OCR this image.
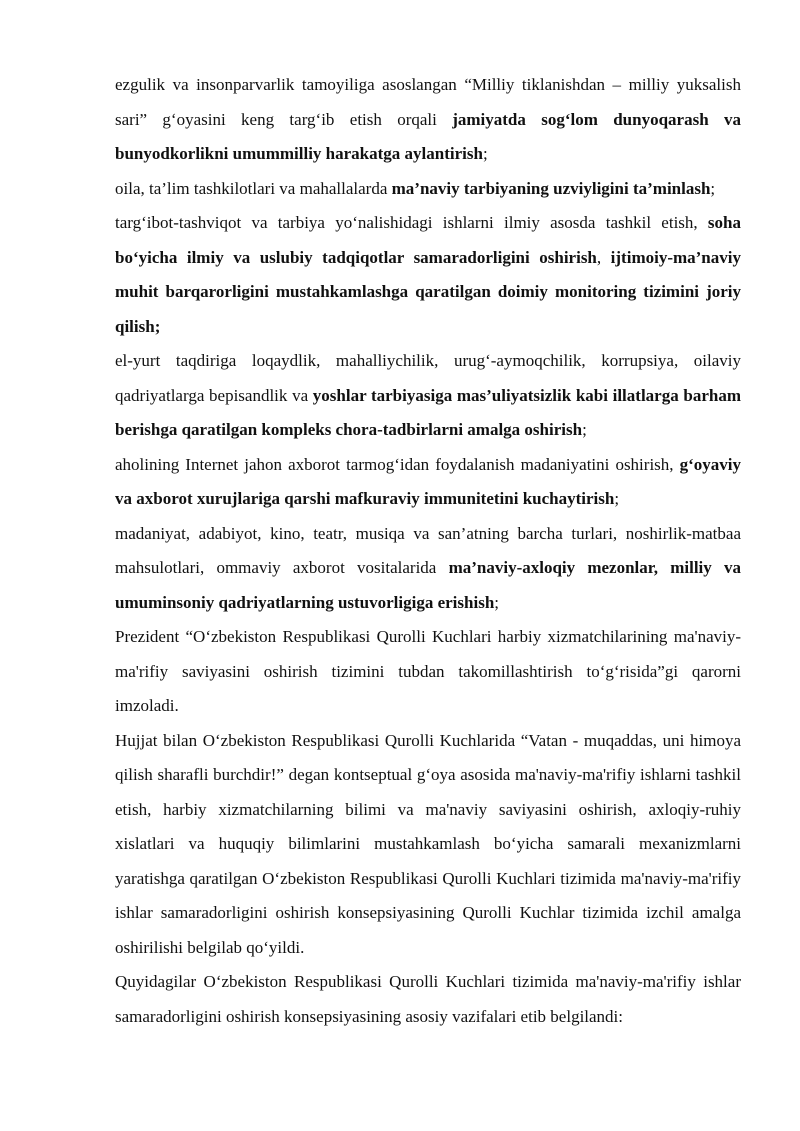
ezgulik va insonparvarlik tamoyiliga asoslangan “Milliy tiklanishdan – milliy yuksalish sari” g‘oyasini keng targ‘ib etish orqali jamiyatda sog‘lom dunyoqarash va bunyodkorlikni umummilliy harakatga aylantirish;

oila, ta’lim tashkilotlari va mahallalarda ma’naviy tarbiyaning uzviyligini ta’minlash;

targ‘ibot-tashviqot va tarbiya yo‘nalishidagi ishlarni ilmiy asosda tashkil etish, soha bo‘yicha ilmiy va uslubiy tadqiqotlar samaradorligini oshirish, ijtimoiy-ma’naviy muhit barqarorligini mustahkamlashga qaratilgan doimiy monitoring tizimini joriy qilish;

el-yurt taqdiriga loqaydlik, mahalliychilik, urug‘-aymoqchilik, korrupsiya, oilaviy qadriyatlarga bepisandlik va yoshlar tarbiyasiga mas’uliyatsizlik kabi illatlarga barham berishga qaratilgan kompleks chora-tadbirlarni amalga oshirish;

aholining Internet jahon axborot tarmog‘idan foydalanish madaniyatini oshirish, g‘oyaviy va axborot xurujlariga qarshi mafkuraviy immunitetini kuchaytirish;

madaniyat, adabiyot, kino, teatr, musiqa va san’atning barcha turlari, noshirlik-matbaa mahsulotlari, ommaviy axborot vositalarida ma’naviy-axloqiy mezonlar, milliy va umuminsoniy qadriyatlarning ustuvorligiga erishish;

Prezident “O‘zbekiston Respublikasi Qurolli Kuchlari harbiy xizmatchilarining ma'naviy-ma'rifiy saviyasini oshirish tizimini tubdan takomillashtirish to‘g‘risida”gi qarorni imzoladi.

Hujjat bilan O‘zbekiston Respublikasi Qurolli Kuchlarida “Vatan - muqaddas, uni himoya qilish sharafli burchdir!” degan kontseptual g‘oya asosida ma'naviy-ma'rifiy ishlarni tashkil etish, harbiy xizmatchilarning bilimi va ma'naviy saviyasini oshirish, axloqiy-ruhiy xislatlari va huquqiy bilimlarini mustahkamlash bo‘yicha samarali mexanizmlarni yaratishga qaratilgan O‘zbekiston Respublikasi Qurolli Kuchlari tizimida ma'naviy-ma'rifiy ishlar samaradorligini oshirish konsepsiyasining Qurolli Kuchlar tizimida izchil amalga oshirilishi belgilab qo‘yildi.

Quyidagilar O‘zbekiston Respublikasi Qurolli Kuchlari tizimida ma'naviy-ma'rifiy ishlar samaradorligini oshirish konsepsiyasining asosiy vazifalari etib belgilandi:
